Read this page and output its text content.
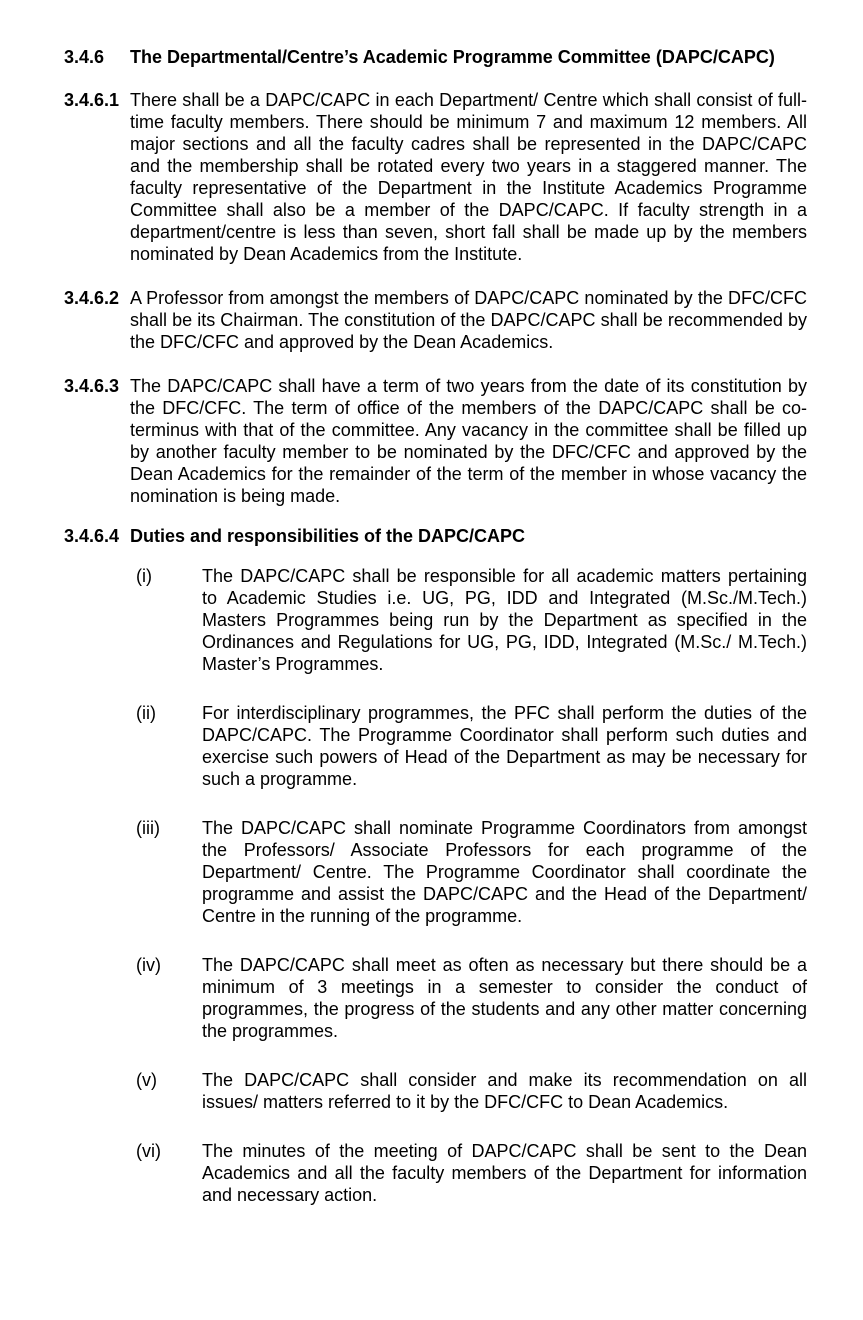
3.4.6	The Departmental/Centre’s Academic Programme Committee (DAPC/​CAPC)
3.4.6.1 There shall be a DAPC/CAPC in each Department/ Centre which shall consist of full-time faculty members. There should be minimum 7 and maximum 12 members. All major sections and all the faculty cadres shall be represented in the DAPC/CAPC and the membership shall be rotated every two years in a staggered manner. The faculty representative of the Department in the Institute Academics Programme Committee shall also be a member of the DAPC/CAPC. If faculty strength in a department/centre is less than seven, short fall shall be made up by the members nominated by Dean Academics from the Institute.
3.4.6.2 A Professor from amongst the members of DAPC/CAPC nominated by the DFC/CFC shall be its Chairman. The constitution of the DAPC/CAPC shall be recommended by the DFC/CFC and approved by the Dean Academics.
3.4.6.3 The DAPC/CAPC shall have a term of two years from the date of its constitution by the DFC/CFC. The term of office of the members of the DAPC/CAPC shall be co-terminus with that of the committee. Any vacancy in the committee shall be filled up by another faculty member to be nominated by the DFC/​CFC and approved by the Dean Academics for the remainder of the term of the member in whose vacancy the nomination is being made.
3.4.6.4 Duties and responsibilities of the DAPC/CAPC
(i)	The DAPC/CAPC shall be responsible for all academic matters pertaining to Academic Studies i.e. UG, PG, IDD and Integrated (M.Sc./M.Tech.) Masters Programmes being run by the Department as specified in the Ordinances and Regulations for UG, PG, IDD, Integrated (M.Sc./ M.Tech.) Master’s Programmes.
(ii)	For interdisciplinary programmes, the PFC shall perform the duties of the DAPC/CAPC. The Programme Coordinator shall perform such duties and exercise such powers of Head of the Department as may be necessary for such a programme.
(iii)	The DAPC/CAPC shall nominate Programme Coordinators from amongst the Professors/ Associate Professors for each programme of the Department/ Centre. The Programme Coordinator shall coordinate the programme and assist the DAPC/CAPC and the Head of the Department/ Centre in the running of the programme.
(iv)	The DAPC/CAPC shall meet as often as necessary but there should be a minimum of 3 meetings in a semester to consider the conduct of programmes, the progress of the students and any other matter concerning the programmes.
(v)	The DAPC/CAPC shall consider and make its recommendation on all issues/ matters referred to it by the DFC/CFC to Dean Academics.
(vi)	The minutes of the meeting of DAPC/CAPC shall be sent to the Dean Academics and all the faculty members of the Department for information and necessary action.
